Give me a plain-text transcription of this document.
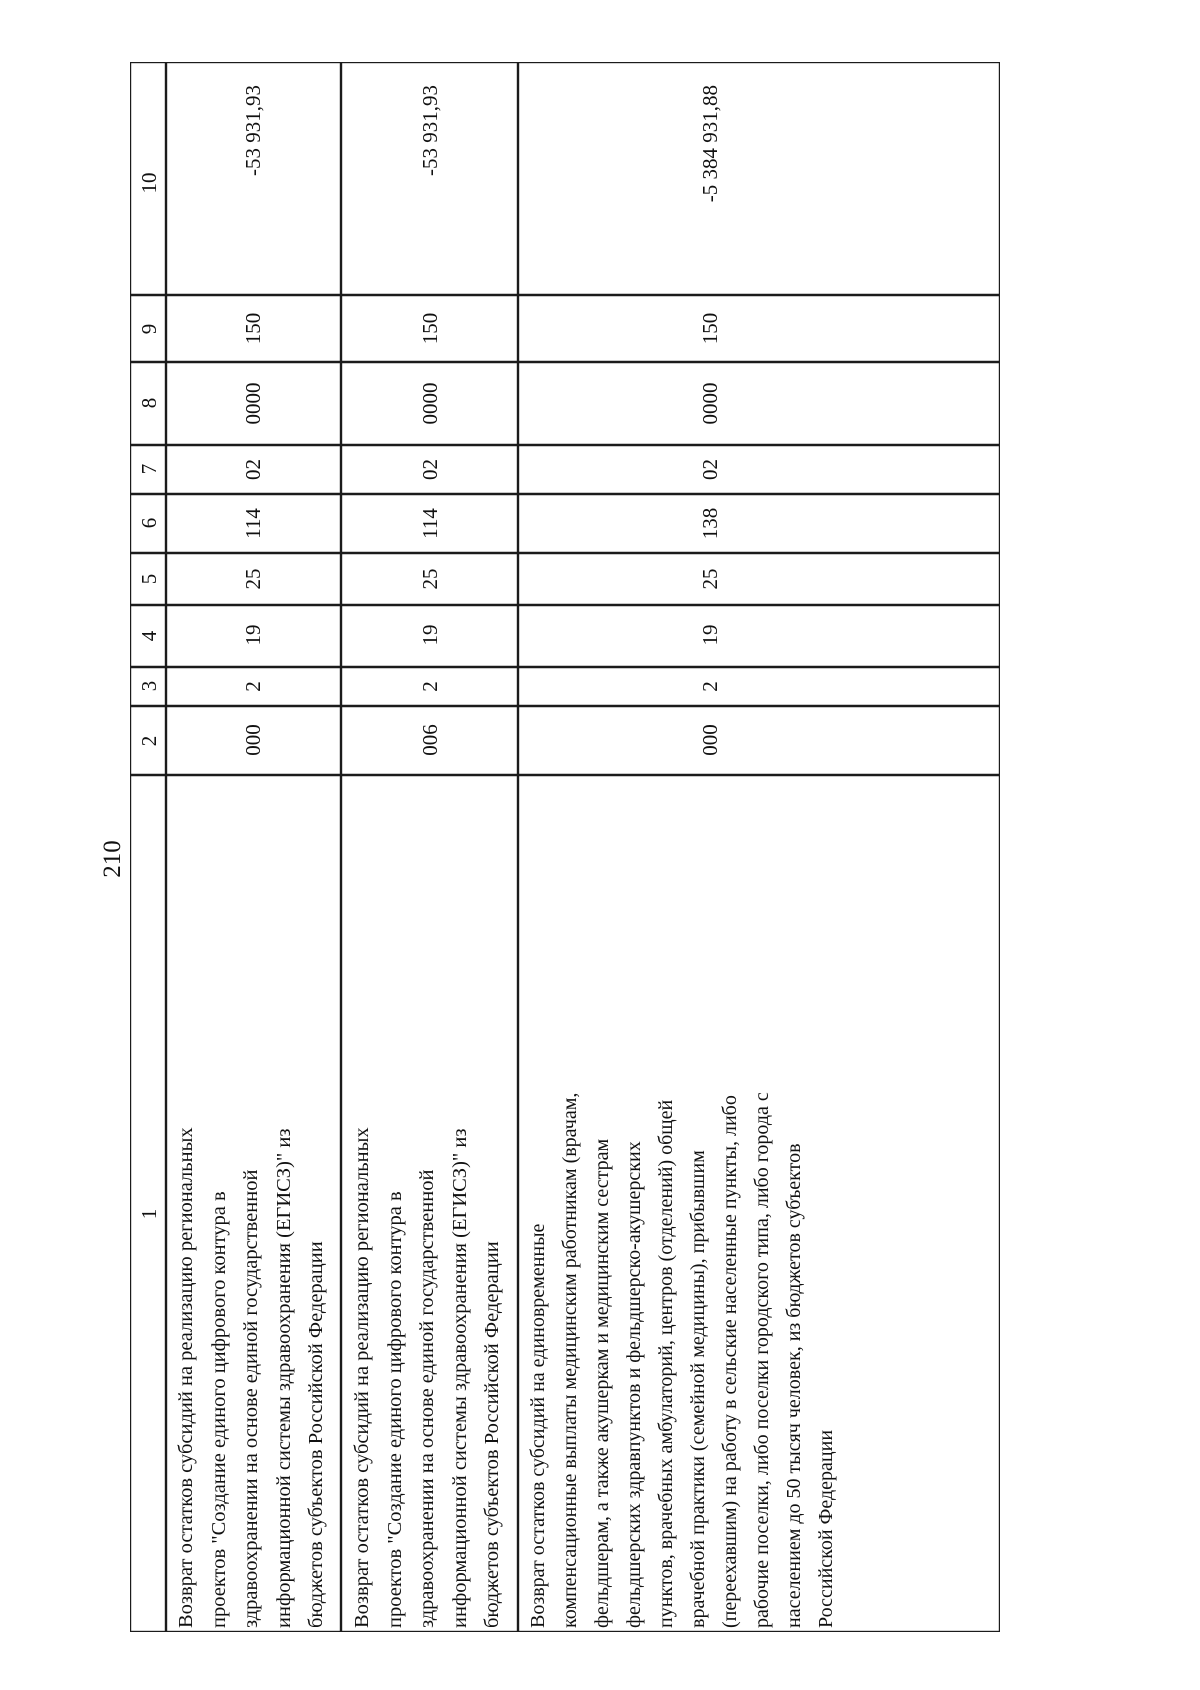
210
1
2
3
4
5
6
7
8
9
10

Возврат остатков субсидий на реализацию региональных проектов "Создание единого цифрового контура в здравоохранении на основе единой государственной информационной системы здравоохранения (ЕГИСЗ)" из бюджетов субъектов Российской Федерации Возврат остатков субсидий на реализацию региональных проектов "Создание единого цифрового контура в здравоохранении на основе единой государственной информационной системы здравоохранения (ЕГИСЗ)" из бюджетов субъектов Российской Федерации Возврат остатков субсидий на единовременные компенсационные выплаты медицинским работникам (врачам, фельдшерам, а также акушеркам и медицинским сестрам фельдшерских здравпунктов и фельдшерско-акушерских пунктов, врачебных амбулаторий, центров (отделений) общей врачебной практики (семейной медицины), прибывшим (переехавшим) на работу в сельские населенные пункты, либо рабочие поселки, либо поселки городского типа, либо города с населением до 50 тысяч человек, из бюджетов субъектов Российской Федерации

000
2
19
25
114
02
0000
150
-53 931,93
006
2
19
25
114
02
0000
150
-53 931,93
000
2
19
25
138
02
0000
150
-5 384 931,88
